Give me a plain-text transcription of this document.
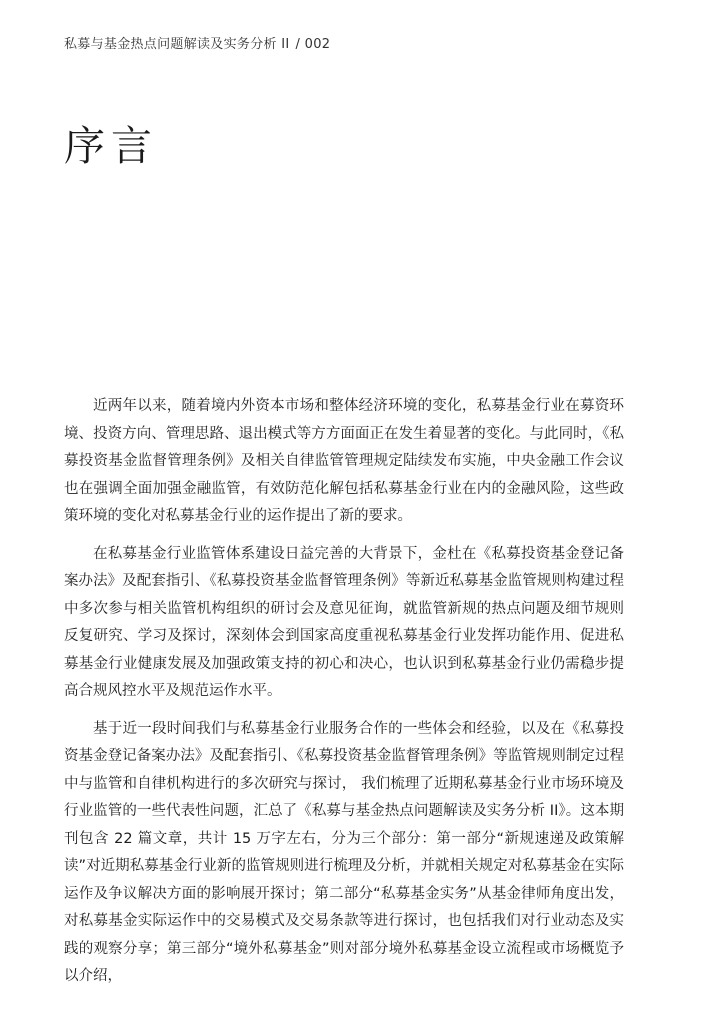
私募与基金热点问题解读及实务分析 II / 002
序言

近两年以来，随着境内外资本市场和整体经济环境的变化，私募基金行业在募资环境、投资方向、管理思路、退出模式等方方面面正在发生着显著的变化。与此同时，《私募投资基金监督管理条例》及相关自律监管管理规定陆续发布实施，中央金融工作会议也在强调全面加强金融监管，有效防范化解包括私募基金行业在内的金融风险，这些政策环境的变化对私募基金行业的运作提出了新的要求。

在私募基金行业监管体系建设日益完善的大背景下，金杜在《私募投资基金登记备案办法》及配套指引、《私募投资基金监督管理条例》等新近私募基金监管规则构建过程中多次参与相关监管机构组织的研讨会及意见征询，就监管新规的热点问题及细节规则反复研究、学习及探讨，深刻体会到国家高度重视私募基金行业发挥功能作用、促进私募基金行业健康发展及加强政策支持的初心和决心，也认识到私募基金行业仍需稳步提高合规风控水平及规范运作水平。

基于近一段时间我们与私募基金行业服务合作的一些体会和经验，以及在《私募投资基金登记备案办法》及配套指引、《私募投资基金监督管理条例》等监管规则制定过程中与监管和自律机构进行的多次研究与探讨， 我们梳理了近期私募基金行业市场环境及行业监管的一些代表性问题，汇总了《私募与基金热点问题解读及实务分析 II》。这本期刊包含 22 篇文章，共计 15 万字左右，分为三个部分：第一部分“新规速递及政策解读”对近期私募基金行业新的监管规则进行梳理及分析，并就相关规定对私募基金在实际运作及争议解决方面的影响展开探讨；第二部分“私募基金实务”从基金律师角度出发，对私募基金实际运作中的交易模式及交易条款等进行探讨，也包括我们对行业动态及实践的观察分享；第三部分“境外私募基金”则对部分境外私募基金设立流程或市场概览予以介绍，
